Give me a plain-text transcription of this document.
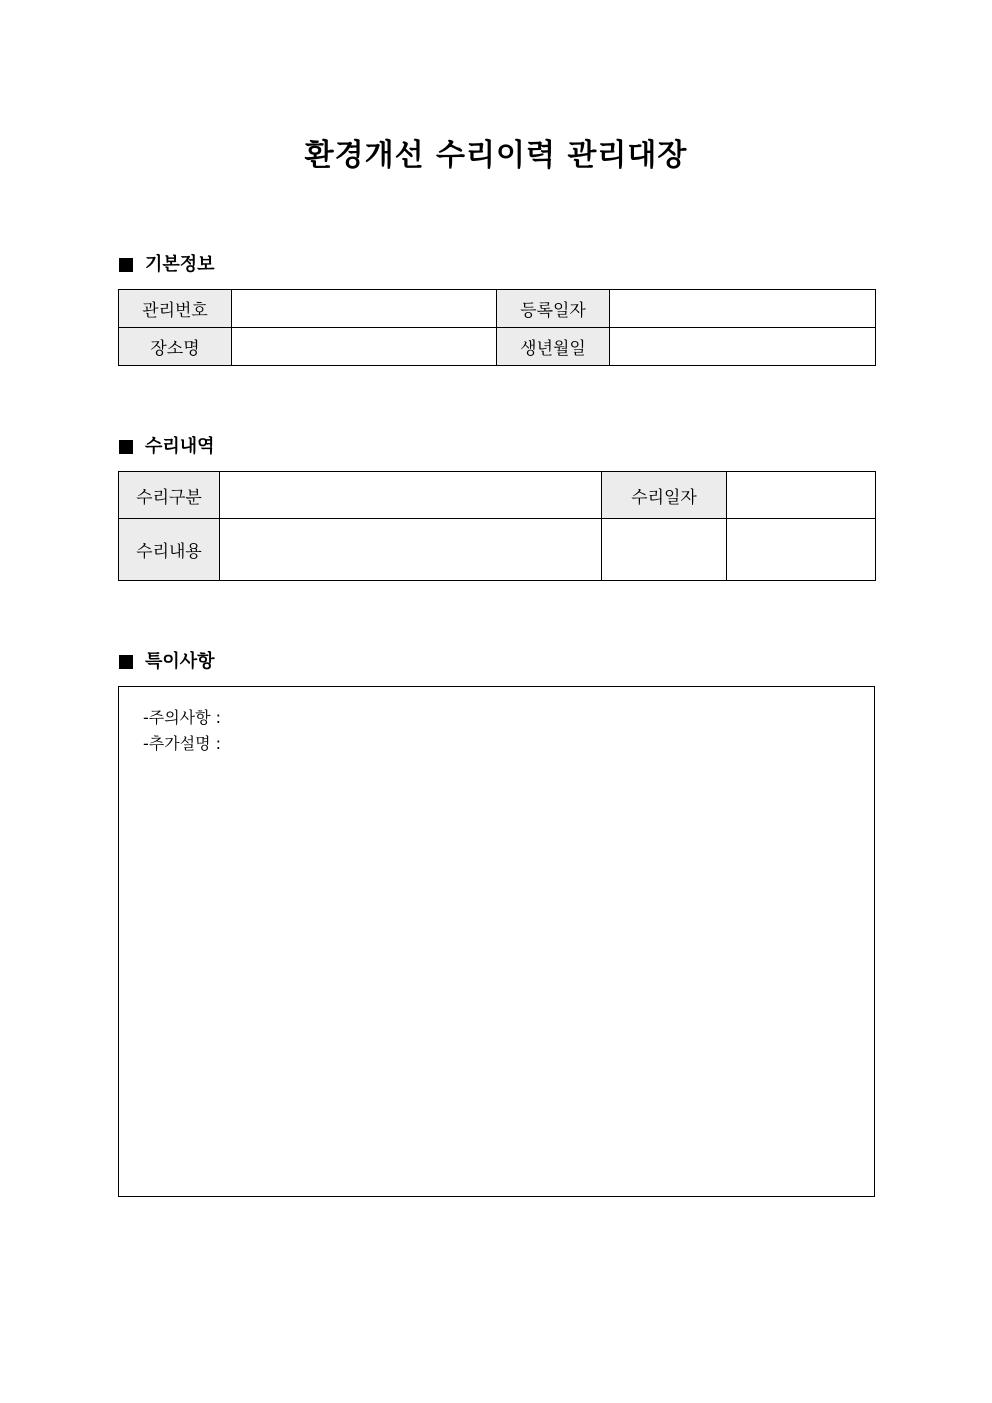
환경개선 수리이력 관리대장
기본정보
관리번호		등록일자	
장소명		생년월일	
수리내역
수리구분		수리일자	
수리내용			
특이사항
-주의사항 :
-추가설명 :
